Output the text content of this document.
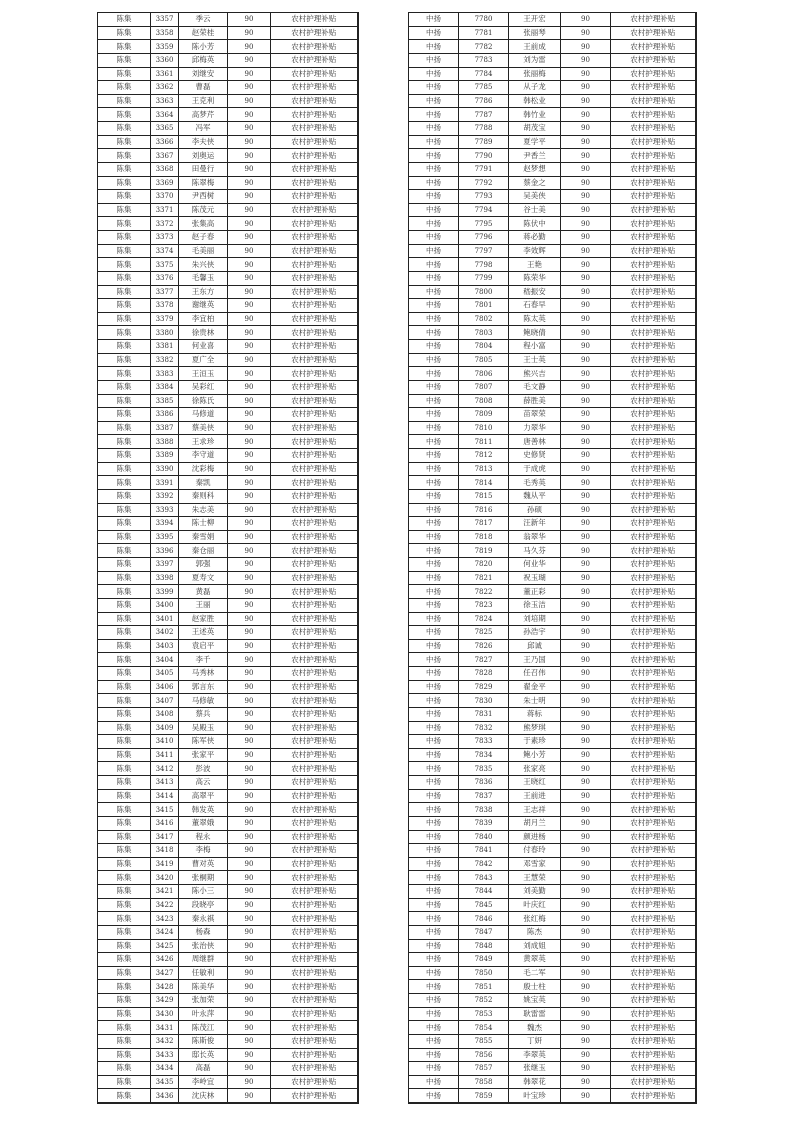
陈集	3357	季云	90	农村护理补贴
陈集	3358	赵荣桂	90	农村护理补贴
陈集	3359	陈小芳	90	农村护理补贴
陈集	3360	邱梅英	90	农村护理补贴
陈集	3361	刘继安	90	农村护理补贴
陈集	3362	曹磊	90	农村护理补贴
陈集	3363	王克利	90	农村护理补贴
陈集	3364	高梦芹	90	农村护理补贴
陈集	3365	冯军	90	农村护理补贴
陈集	3366	李夫侠	90	农村护理补贴
陈集	3367	刘奥运	90	农村护理补贴
陈集	3368	田曼行	90	农村护理补贴
陈集	3369	陈翠梅	90	农村护理补贴
陈集	3370	尹西树	90	农村护理补贴
陈集	3371	陈茂元	90	农村护理补贴
陈集	3372	张集高	90	农村护理补贴
陈集	3373	赵子春	90	农村护理补贴
陈集	3374	毛美丽	90	农村护理补贴
陈集	3375	朱兴侠	90	农村护理补贴
陈集	3376	毛馨玉	90	农村护理补贴
陈集	3377	王东方	90	农村护理补贴
陈集	3378	谢继英	90	农村护理补贴
陈集	3379	李宜柏	90	农村护理补贴
陈集	3380	徐贵林	90	农村护理补贴
陈集	3381	何业喜	90	农村护理补贴
陈集	3382	夏广全	90	农村护理补贴
陈集	3383	王洹玉	90	农村护理补贴
陈集	3384	吴彩红	90	农村护理补贴
陈集	3385	徐陈氏	90	农村护理补贴
陈集	3386	马修道	90	农村护理补贴
陈集	3387	蔡美侠	90	农村护理补贴
陈集	3388	王求珍	90	农村护理补贴
陈集	3389	李守道	90	农村护理补贴
陈集	3390	沈彩梅	90	农村护理补贴
陈集	3391	秦凯	90	农村护理补贴
陈集	3392	秦则科	90	农村护理补贴
陈集	3393	朱志美	90	农村护理补贴
陈集	3394	陈士柳	90	农村护理补贴
陈集	3395	秦雪娟	90	农村护理补贴
陈集	3396	秦仓丽	90	农村护理补贴
陈集	3397	郭强	90	农村护理补贴
陈集	3398	夏寿文	90	农村护理补贴
陈集	3399	黄磊	90	农村护理补贴
陈集	3400	王丽	90	农村护理补贴
陈集	3401	赵家胜	90	农村护理补贴
陈集	3402	王述英	90	农村护理补贴
陈集	3403	袁启平	90	农村护理补贴
陈集	3404	李千	90	农村护理补贴
陈集	3405	马秀林	90	农村护理补贴
陈集	3406	郭言东	90	农村护理补贴
陈集	3407	马修敏	90	农村护理补贴
陈集	3408	蔡兵	90	农村护理补贴
陈集	3409	吴殿玉	90	农村护理补贴
陈集	3410	陈军侠	90	农村护理补贴
陈集	3411	张家平	90	农村护理补贴
陈集	3412	彭波	90	农村护理补贴
陈集	3413	高云	90	农村护理补贴
陈集	3414	高翠平	90	农村护理补贴
陈集	3415	韩发英	90	农村护理补贴
陈集	3416	董翠娥	90	农村护理补贴
陈集	3417	程永	90	农村护理补贴
陈集	3418	李梅	90	农村护理补贴
陈集	3419	曹对英	90	农村护理补贴
陈集	3420	张桐期	90	农村护理补贴
陈集	3421	陈小三	90	农村护理补贴
陈集	3422	段晓亭	90	农村护理补贴
陈集	3423	秦永祺	90	农村护理补贴
陈集	3424	杨森	90	农村护理补贴
陈集	3425	张治侠	90	农村护理补贴
陈集	3426	周继群	90	农村护理补贴
陈集	3427	任敏利	90	农村护理补贴
陈集	3428	陈美华	90	农村护理补贴
陈集	3429	张加荣	90	农村护理补贴
陈集	3430	叶永萍	90	农村护理补贴
陈集	3431	陈茂江	90	农村护理补贴
陈集	3432	陈斯俊	90	农村护理补贴
陈集	3433	邸长英	90	农村护理补贴
陈集	3434	高磊	90	农村护理补贴
陈集	3435	李岭宜	90	农村护理补贴
陈集	3436	沈庆林	90	农村护理补贴
中扬	7780	王开宏	90	农村护理补贴
中扬	7781	张丽琴	90	农村护理补贴
中扬	7782	王前成	90	农村护理补贴
中扬	7783	刘为雷	90	农村护理补贴
中扬	7784	张丽梅	90	农村护理补贴
中扬	7785	从子龙	90	农村护理补贴
中扬	7786	韩松业	90	农村护理补贴
中扬	7787	韩竹业	90	农村护理补贴
中扬	7788	胡茂宝	90	农村护理补贴
中扬	7789	夏学平	90	农村护理补贴
中扬	7790	尹香兰	90	农村护理补贴
中扬	7791	赵梦想	90	农村护理补贴
中扬	7792	蔡金之	90	农村护理补贴
中扬	7793	吴美侠	90	农村护理补贴
中扬	7794	谷士美	90	农村护理补贴
中扬	7795	陈伏中	90	农村护理补贴
中扬	7796	蒋必勤	90	农村护理补贴
中扬	7797	李效辉	90	农村护理补贴
中扬	7798	王艳	90	农村护理补贴
中扬	7799	陈荣华	90	农村护理补贴
中扬	7800	嵇振安	90	农村护理补贴
中扬	7801	石春早	90	农村护理补贴
中扬	7802	陈太英	90	农村护理补贴
中扬	7803	鲍晓倩	90	农村护理补贴
中扬	7804	程小富	90	农村护理补贴
中扬	7805	王士英	90	农村护理补贴
中扬	7806	熊兴吉	90	农村护理补贴
中扬	7807	毛文静	90	农村护理补贴
中扬	7808	薛胜美	90	农村护理补贴
中扬	7809	苗翠荣	90	农村护理补贴
中扬	7810	力翠华	90	农村护理补贴
中扬	7811	唐善林	90	农村护理补贴
中扬	7812	史修贤	90	农村护理补贴
中扬	7813	于成虎	90	农村护理补贴
中扬	7814	毛秀英	90	农村护理补贴
中扬	7815	魏从平	90	农村护理补贴
中扬	7816	孙硕	90	农村护理补贴
中扬	7817	汪新年	90	农村护理补贴
中扬	7818	翁翠华	90	农村护理补贴
中扬	7819	马久芬	90	农村护理补贴
中扬	7820	何业华	90	农村护理补贴
中扬	7821	祝玉瑚	90	农村护理补贴
中扬	7822	董正彩	90	农村护理补贴
中扬	7823	徐玉洁	90	农村护理补贴
中扬	7824	刘培期	90	农村护理补贴
中扬	7825	孙浩宇	90	农村护理补贴
中扬	7826	邱诚	90	农村护理补贴
中扬	7827	王乃国	90	农村护理补贴
中扬	7828	任召伟	90	农村护理补贴
中扬	7829	翟金平	90	农村护理补贴
中扬	7830	朱士明	90	农村护理补贴
中扬	7831	蒋标	90	农村护理补贴
中扬	7832	熊梦琪	90	农村护理补贴
中扬	7833	于素珍	90	农村护理补贴
中扬	7834	鲍小芳	90	农村护理补贴
中扬	7835	张家亮	90	农村护理补贴
中扬	7836	王晓红	90	农村护理补贴
中扬	7837	王前进	90	农村护理补贴
中扬	7838	王志祥	90	农村护理补贴
中扬	7839	胡月兰	90	农村护理补贴
中扬	7840	颜进杨	90	农村护理补贴
中扬	7841	付春玲	90	农村护理补贴
中扬	7842	邓雪家	90	农村护理补贴
中扬	7843	王慧荣	90	农村护理补贴
中扬	7844	刘美勤	90	农村护理补贴
中扬	7845	叶庆红	90	农村护理补贴
中扬	7846	张红梅	90	农村护理补贴
中扬	7847	陈杰	90	农村护理补贴
中扬	7848	刘成姐	90	农村护理补贴
中扬	7849	黄翠英	90	农村护理补贴
中扬	7850	毛二军	90	农村护理补贴
中扬	7851	殷士柱	90	农村护理补贴
中扬	7852	姚宝英	90	农村护理补贴
中扬	7853	耿雷雷	90	农村护理补贴
中扬	7854	魏杰	90	农村护理补贴
中扬	7855	丁妍	90	农村护理补贴
中扬	7856	李翠英	90	农村护理补贴
中扬	7857	张继玉	90	农村护理补贴
中扬	7858	韩翠花	90	农村护理补贴
中扬	7859	叶宝珍	90	农村护理补贴
